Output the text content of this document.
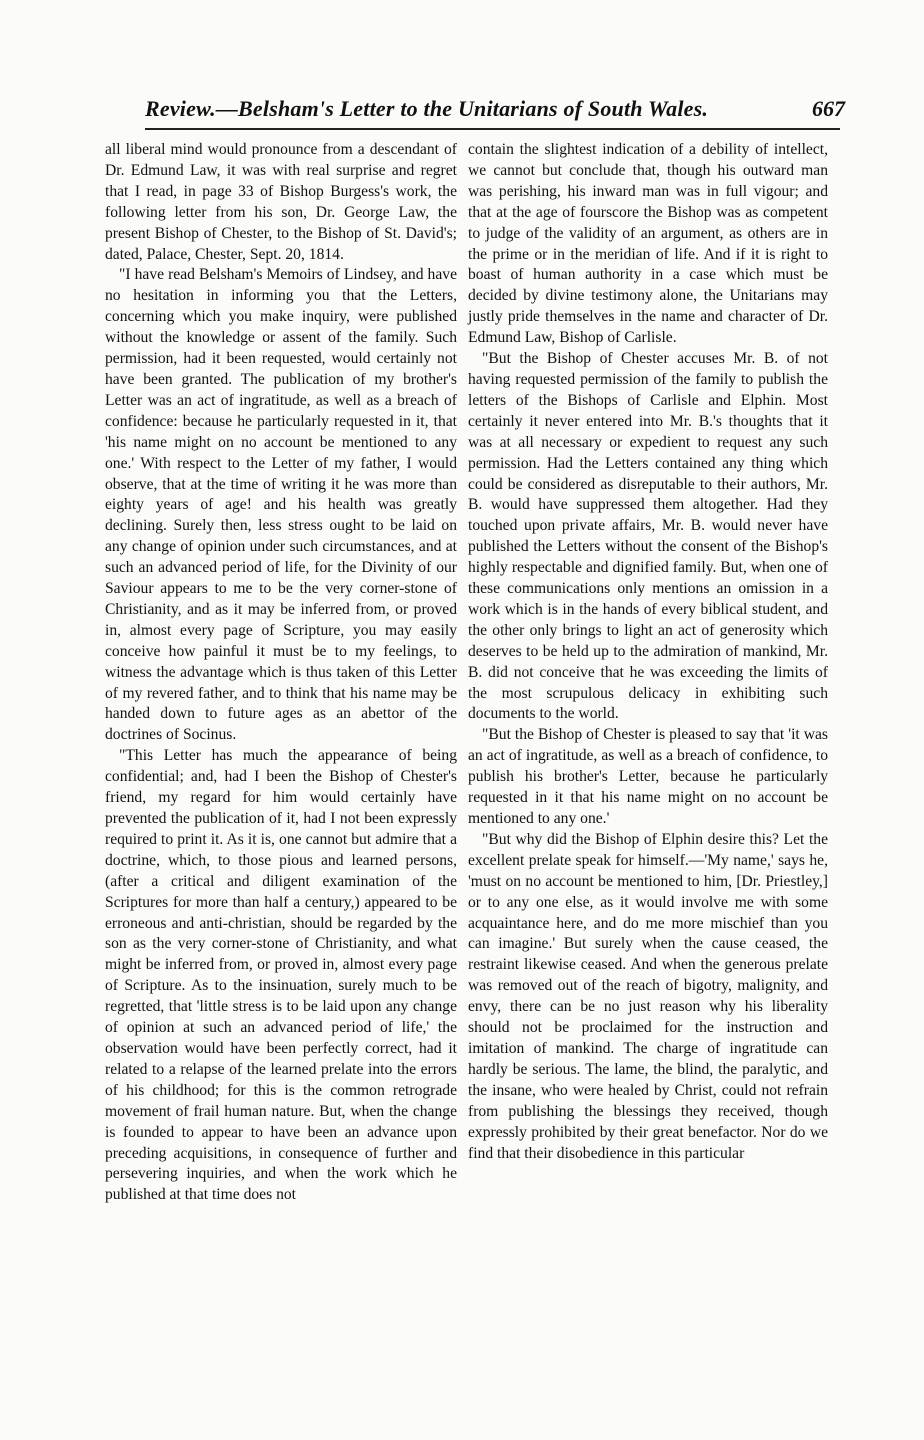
Review.—Belsham's Letter to the Unitarians of South Wales.	667

all liberal mind would pronounce from a descendant of Dr. Edmund Law, it was with real surprise and regret that I read, in page 33 of Bishop Burgess's work, the following letter from his son, Dr. George Law, the present Bishop of Chester, to the Bishop of St. David's; dated, Palace, Chester, Sept. 20, 1814.

"I have read Belsham's Memoirs of Lindsey, and have no hesitation in informing you that the Letters, concerning which you make inquiry, were published without the knowledge or assent of the family. Such permission, had it been requested, would certainly not have been granted. The publication of my brother's Letter was an act of ingratitude, as well as a breach of confidence: because he particularly requested in it, that 'his name might on no account be mentioned to any one.' With respect to the Letter of my father, I would observe, that at the time of writing it he was more than eighty years of age! and his health was greatly declining. Surely then, less stress ought to be laid on any change of opinion under such circumstances, and at such an advanced period of life, for the Divinity of our Saviour appears to me to be the very corner-stone of Christianity, and as it may be inferred from, or proved in, almost every page of Scripture, you may easily conceive how painful it must be to my feelings, to witness the advantage which is thus taken of this Letter of my revered father, and to think that his name may be handed down to future ages as an abettor of the doctrines of Socinus.

"This Letter has much the appearance of being confidential; and, had I been the Bishop of Chester's friend, my regard for him would certainly have prevented the publication of it, had I not been expressly required to print it. As it is, one cannot but admire that a doctrine, which, to those pious and learned persons, (after a critical and diligent examination of the Scriptures for more than half a century,) appeared to be erroneous and anti-christian, should be regarded by the son as the very corner-stone of Christianity, and what might be inferred from, or proved in, almost every page of Scripture. As to the insinuation, surely much to be regretted, that 'little stress is to be laid upon any change of opinion at such an advanced period of life,' the observation would have been perfectly correct, had it related to a relapse of the learned prelate into the errors of his childhood; for this is the common retrograde movement of frail human nature. But, when the change is founded to appear to have been an advance upon preceding acquisitions, in consequence of further and persevering inquiries, and when the work which he published at that time does not

contain the slightest indication of a debility of intellect, we cannot but conclude that, though his outward man was perishing, his inward man was in full vigour; and that at the age of fourscore the Bishop was as competent to judge of the validity of an argument, as others are in the prime or in the meridian of life. And if it is right to boast of human authority in a case which must be decided by divine testimony alone, the Unitarians may justly pride themselves in the name and character of Dr. Edmund Law, Bishop of Carlisle.

"But the Bishop of Chester accuses Mr. B. of not having requested permission of the family to publish the letters of the Bishops of Carlisle and Elphin. Most certainly it never entered into Mr. B.'s thoughts that it was at all necessary or expedient to request any such permission. Had the Letters contained any thing which could be considered as disreputable to their authors, Mr. B. would have suppressed them altogether. Had they touched upon private affairs, Mr. B. would never have published the Letters without the consent of the Bishop's highly respectable and dignified family. But, when one of these communications only mentions an omission in a work which is in the hands of every biblical student, and the other only brings to light an act of generosity which deserves to be held up to the admiration of mankind, Mr. B. did not conceive that he was exceeding the limits of the most scrupulous delicacy in exhibiting such documents to the world.

"But the Bishop of Chester is pleased to say that 'it was an act of ingratitude, as well as a breach of confidence, to publish his brother's Letter, because he particularly requested in it that his name might on no account be mentioned to any one.'

"But why did the Bishop of Elphin desire this? Let the excellent prelate speak for himself.—'My name,' says he, 'must on no account be mentioned to him, [Dr. Priestley,] or to any one else, as it would involve me with some acquaintance here, and do me more mischief than you can imagine.' But surely when the cause ceased, the restraint likewise ceased. And when the generous prelate was removed out of the reach of bigotry, malignity, and envy, there can be no just reason why his liberality should not be proclaimed for the instruction and imitation of mankind. The charge of ingratitude can hardly be serious. The lame, the blind, the paralytic, and the insane, who were healed by Christ, could not refrain from publishing the blessings they received, though expressly prohibited by their great benefactor. Nor do we find that their disobedience in this particular
